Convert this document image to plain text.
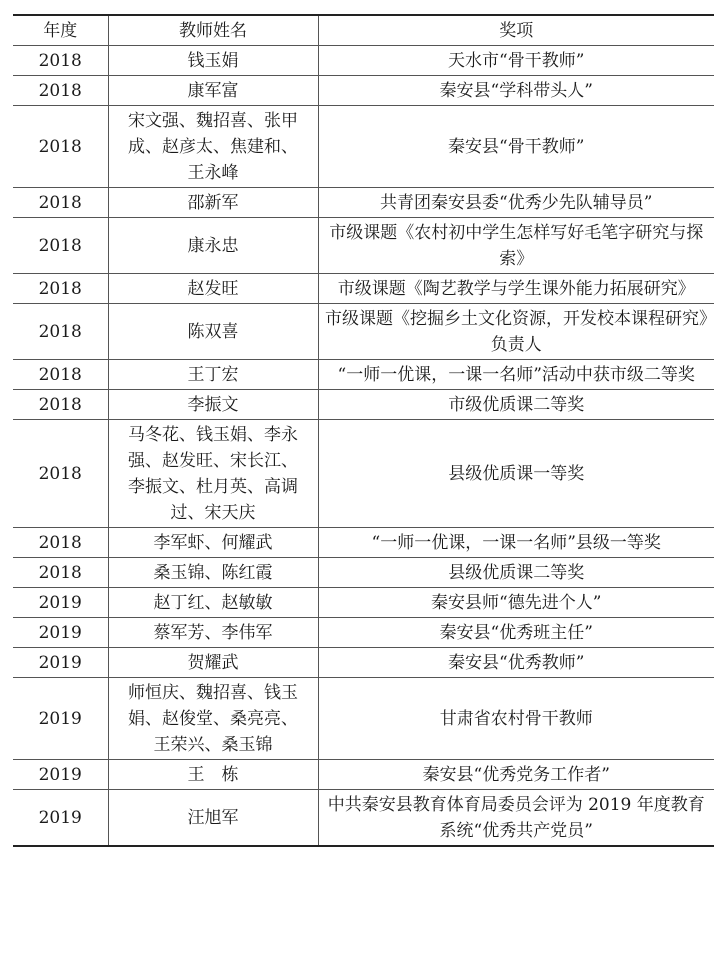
年度	教师姓名	奖项
2018	钱玉娟	天水市“骨干教师”
2018	康军富	秦安县“学科带头人”
2018	宋文强、魏招喜、张甲成、赵彦太、焦建和、王永峰	秦安县“骨干教师”
2018	邵新军	共青团秦安县委“优秀少先队辅导员”
2018	康永忠	市级课题《农村初中学生怎样写好毛笔字研究与探索》
2018	赵发旺	市级课题《陶艺教学与学生课外能力拓展研究》
2018	陈双喜	市级课题《挖掘乡土文化资源，开发校本课程研究》负责人
2018	王丁宏	“一师一优课，一课一名师”活动中获市级二等奖
2018	李振文	市级优质课二等奖
2018	马冬花、钱玉娟、李永强、赵发旺、宋长江、李振文、杜月英、高调过、宋天庆	县级优质课一等奖
2018	李军虾、何耀武	“一师一优课，一课一名师”县级一等奖
2018	桑玉锦、陈红霞	县级优质课二等奖
2019	赵丁红、赵敏敏	秦安县师“德先进个人”
2019	蔡军芳、李伟军	秦安县“优秀班主任”
2019	贺耀武	秦安县“优秀教师”
2019	师恒庆、魏招喜、钱玉娟、赵俊堂、桑亮亮、王荣兴、桑玉锦	甘肃省农村骨干教师
2019	王　栋	秦安县“优秀党务工作者”
2019	汪旭军	中共秦安县教育体育局委员会评为 2019 年度教育系统“优秀共产党员”
